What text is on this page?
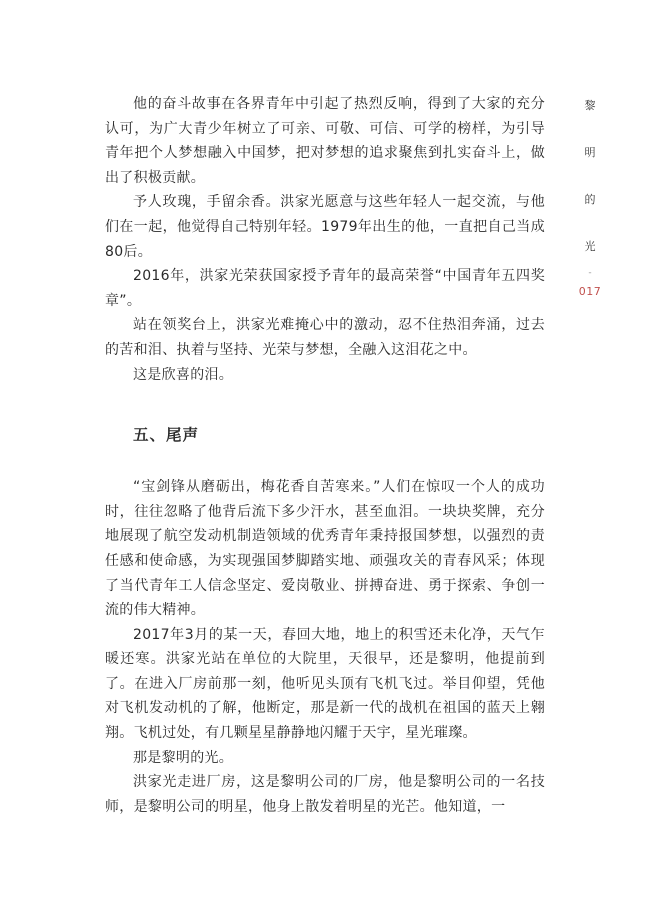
他的奋斗故事在各界青年中引起了热烈反响，得到了大家的充分认可，为广大青少年树立了可亲、可敬、可信、可学的榜样，为引导青年把个人梦想融入中国梦，把对梦想的追求聚焦到扎实奋斗上，做出了积极贡献。

予人玫瑰，手留余香。洪家光愿意与这些年轻人一起交流，与他们在一起，他觉得自己特别年轻。1979年出生的他，一直把自己当成80后。

2016年，洪家光荣获国家授予青年的最高荣誉“中国青年五四奖章”。

站在领奖台上，洪家光难掩心中的激动，忍不住热泪奔涌，过去的苦和泪、执着与坚持、光荣与梦想，全融入这泪花之中。

这是欣喜的泪。

五、尾声

“宝剑锋从磨砺出，梅花香自苦寒来。”人们在惊叹一个人的成功时，往往忽略了他背后流下多少汗水，甚至血泪。一块块奖牌，充分地展现了航空发动机制造领域的优秀青年秉持报国梦想，以强烈的责任感和使命感，为实现强国梦脚踏实地、顽强攻关的青春风采；体现了当代青年工人信念坚定、爱岗敬业、拼搏奋进、勇于探索、争创一流的伟大精神。

2017年3月的某一天，春回大地，地上的积雪还未化净，天气乍暖还寒。洪家光站在单位的大院里，天很早，还是黎明，他提前到了。在进入厂房前那一刻，他听见头顶有飞机飞过。举目仰望，凭他对飞机发动机的了解，他断定，那是新一代的战机在祖国的蓝天上翱翔。飞机过处，有几颗星星静静地闪耀于天宇，星光璀璨。

那是黎明的光。

洪家光走进厂房，这是黎明公司的厂房，他是黎明公司的一名技师，是黎明公司的明星，他身上散发着明星的光芒。他知道，一

黎
明
的
光
-
017
